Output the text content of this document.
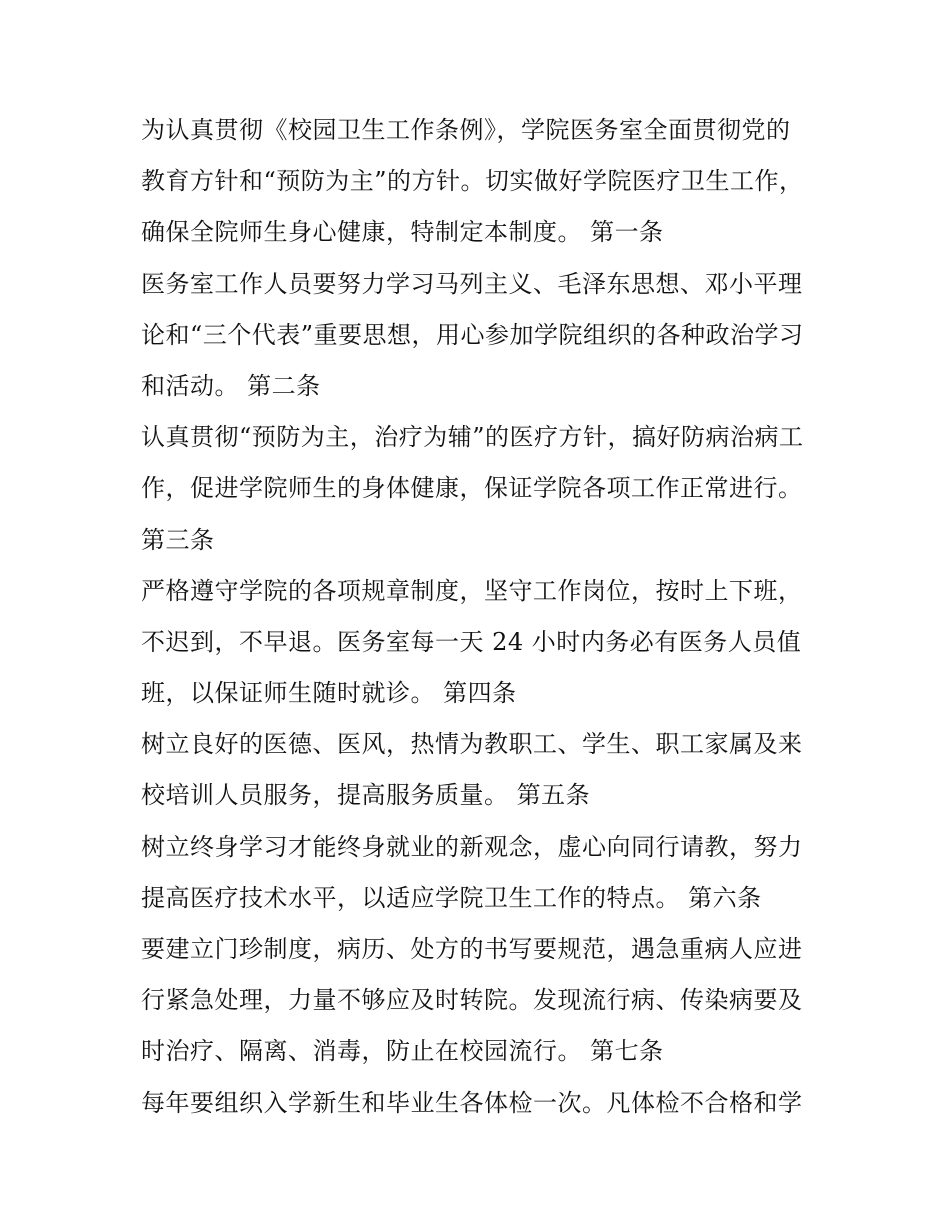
为认真贯彻《校园卫生工作条例》，学院医务室全面贯彻党的
教育方针和“预防为主”的方针。切实做好学院医疗卫生工作，
确保全院师生身心健康，特制定本制度。 第一条
医务室工作人员要努力学习马列主义、毛泽东思想、邓小平理
论和“三个代表”重要思想，用心参加学院组织的各种政治学习
和活动。 第二条
认真贯彻“预防为主，治疗为辅”的医疗方针，搞好防病治病工
作，促进学院师生的身体健康，保证学院各项工作正常进行。
第三条
严格遵守学院的各项规章制度，坚守工作岗位，按时上下班，
不迟到，不早退。医务室每一天 24 小时内务必有医务人员值
班，以保证师生随时就诊。 第四条
树立良好的医德、医风，热情为教职工、学生、职工家属及来
校培训人员服务，提高服务质量。 第五条
树立终身学习才能终身就业的新观念，虚心向同行请教，努力
提高医疗技术水平，以适应学院卫生工作的特点。 第六条
要建立门珍制度，病历、处方的书写要规范，遇急重病人应进
行紧急处理，力量不够应及时转院。发现流行病、传染病要及
时治疗、隔离、消毒，防止在校园流行。 第七条
每年要组织入学新生和毕业生各体检一次。凡体检不合格和学
